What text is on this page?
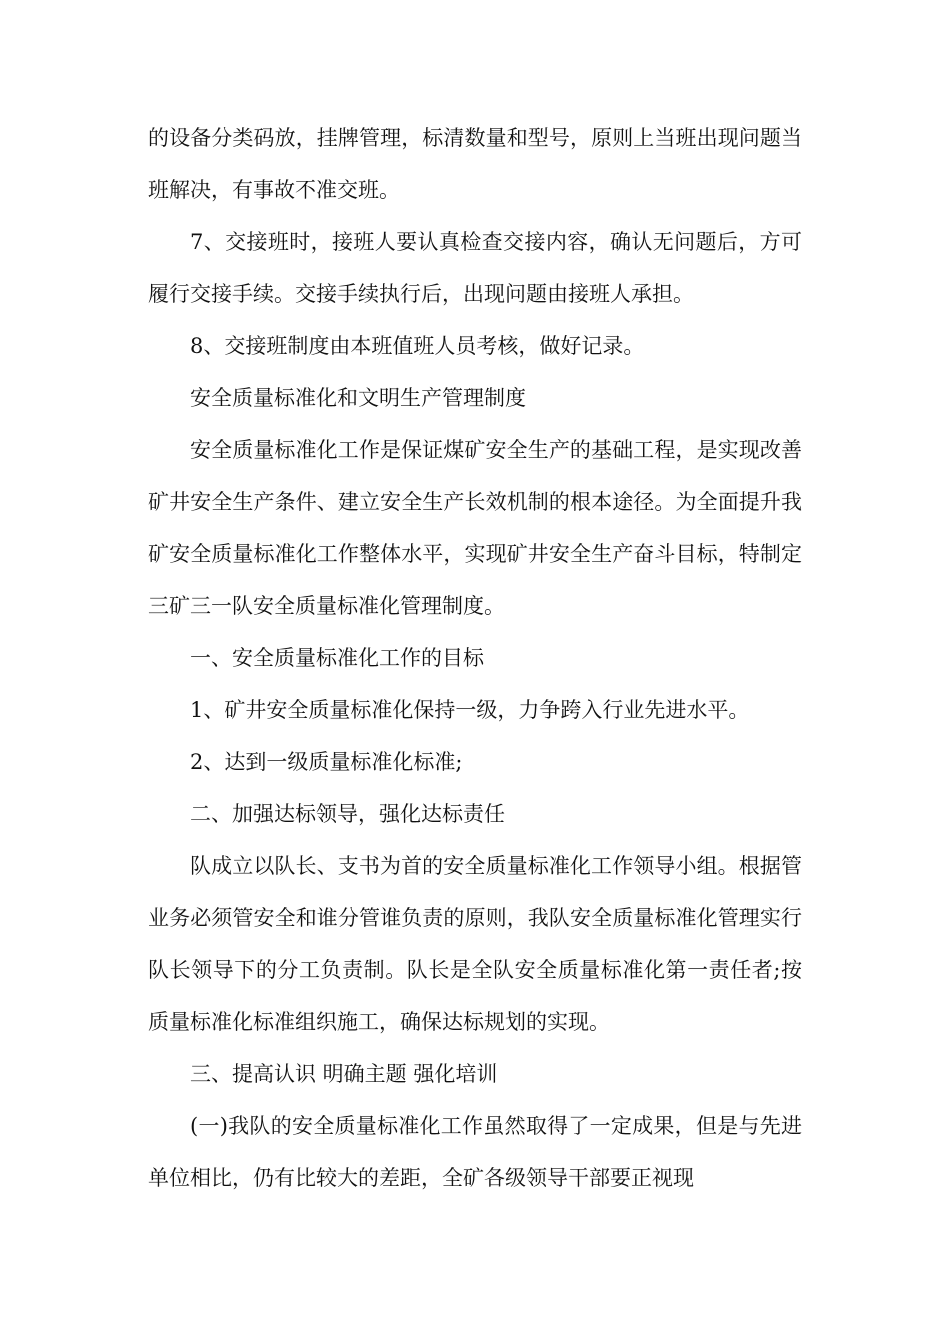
的设备分类码放，挂牌管理，标清数量和型号，原则上当班出现问题当班解决，有事故不准交班。

7、交接班时，接班人要认真检查交接内容，确认无问题后，方可履行交接手续。交接手续执行后，出现问题由接班人承担。

8、交接班制度由本班值班人员考核，做好记录。

安全质量标准化和文明生产管理制度

安全质量标准化工作是保证煤矿安全生产的基础工程，是实现改善矿井安全生产条件、建立安全生产长效机制的根本途径。为全面提升我矿安全质量标准化工作整体水平，实现矿井安全生产奋斗目标，特制定三矿三一队安全质量标准化管理制度。

一、安全质量标准化工作的目标

1、矿井安全质量标准化保持一级，力争跨入行业先进水平。

2、达到一级质量标准化标准;

二、加强达标领导，强化达标责任

队成立以队长、支书为首的安全质量标准化工作领导小组。根据管业务必须管安全和谁分管谁负责的原则，我队安全质量标准化管理实行队长领导下的分工负责制。队长是全队安全质量标准化第一责任者;按质量标准化标准组织施工，确保达标规划的实现。

三、提高认识 明确主题 强化培训

(一)我队的安全质量标准化工作虽然取得了一定成果，但是与先进单位相比，仍有比较大的差距，全矿各级领导干部要正视现
